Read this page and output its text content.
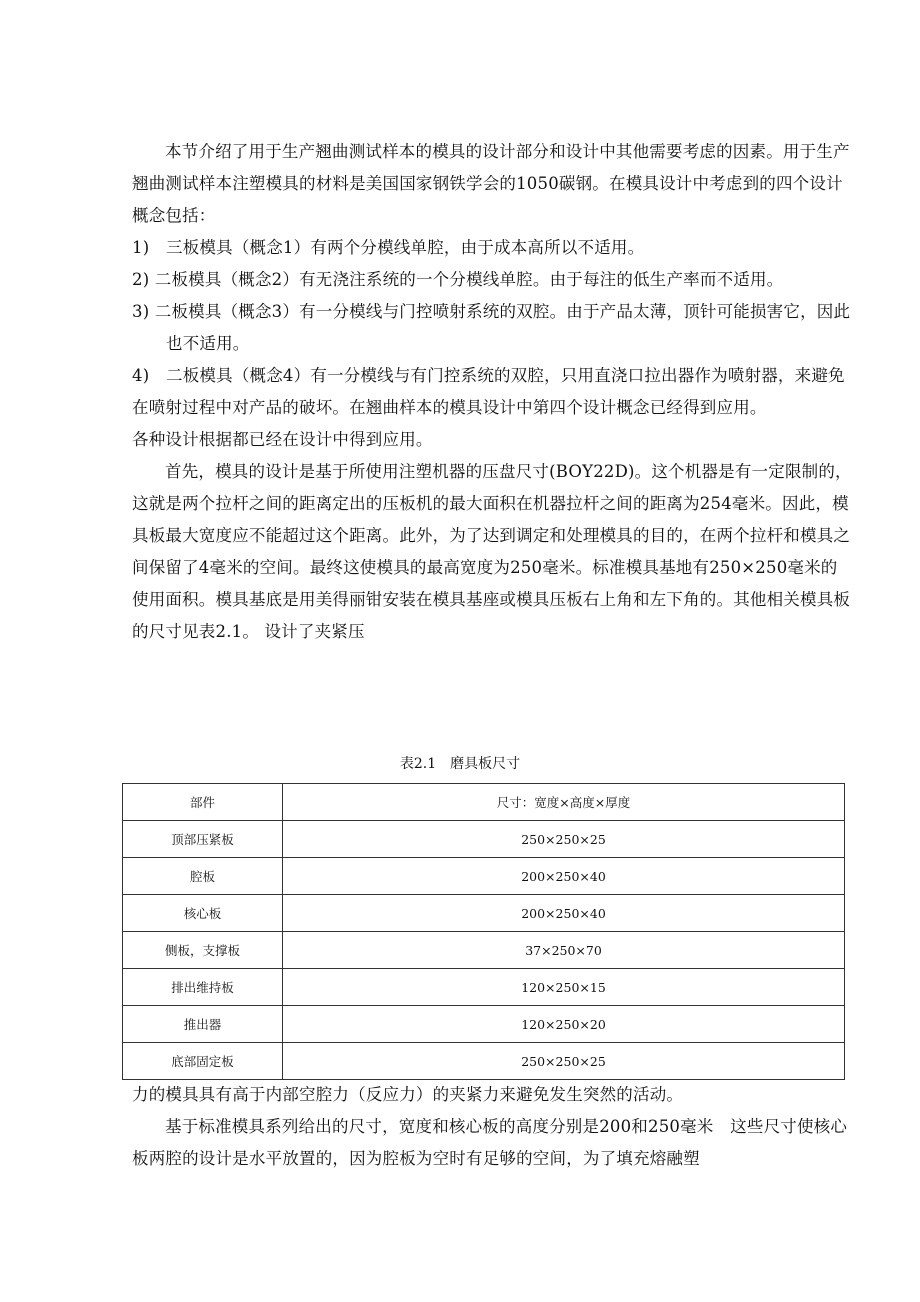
本节介绍了用于生产翘曲测试样本的模具的设计部分和设计中其他需要考虑的因素。用于生产翘曲测试样本注塑模具的材料是美国国家钢铁学会的1050碳钢。在模具设计中考虑到的四个设计概念包括：

1)　三板模具（概念1）有两个分模线单腔，由于成本高所以不适用。

2) 二板模具（概念2）有无浇注系统的一个分模线单腔。由于每注的低生产率而不适用。

3) 二板模具（概念3）有一分模线与门控喷射系统的双腔。由于产品太薄，顶针可能损害它，因此也不适用。

4)　二板模具（概念4）有一分模线与有门控系统的双腔，只用直浇口拉出器作为喷射器，来避免在喷射过程中对产品的破坏。在翘曲样本的模具设计中第四个设计概念已经得到应用。

各种设计根据都已经在设计中得到应用。

首先，模具的设计是基于所使用注塑机器的压盘尺寸(BOY22D)。这个机器是有一定限制的，这就是两个拉杆之间的距离定出的压板机的最大面积在机器拉杆之间的距离为254毫米。因此，模具板最大宽度应不能超过这个距离。此外，为了达到调定和处理模具的目的，在两个拉杆和模具之间保留了4毫米的空间。最终这使模具的最高宽度为250毫米。标准模具基地有250×250毫米的使用面积。模具基底是用美得丽钳安装在模具基座或模具压板右上角和左下角的。其他相关模具板的尺寸见表2.1。 设计了夹紧压

表2.1　磨具板尺寸
部件	尺寸：宽度×高度×厚度
顶部压紧板	250×250×25
腔板	200×250×40
核心板	200×250×40
侧板，支撑板	37×250×70
排出维持板	120×250×15
推出器	120×250×20
底部固定板	250×250×25

力的模具具有高于内部空腔力（反应力）的夹紧力来避免发生突然的活动。

基于标准模具系列给出的尺寸，宽度和核心板的高度分别是200和250毫米　这些尺寸使核心板两腔的设计是水平放置的，因为腔板为空时有足够的空间，为了填充熔融塑
